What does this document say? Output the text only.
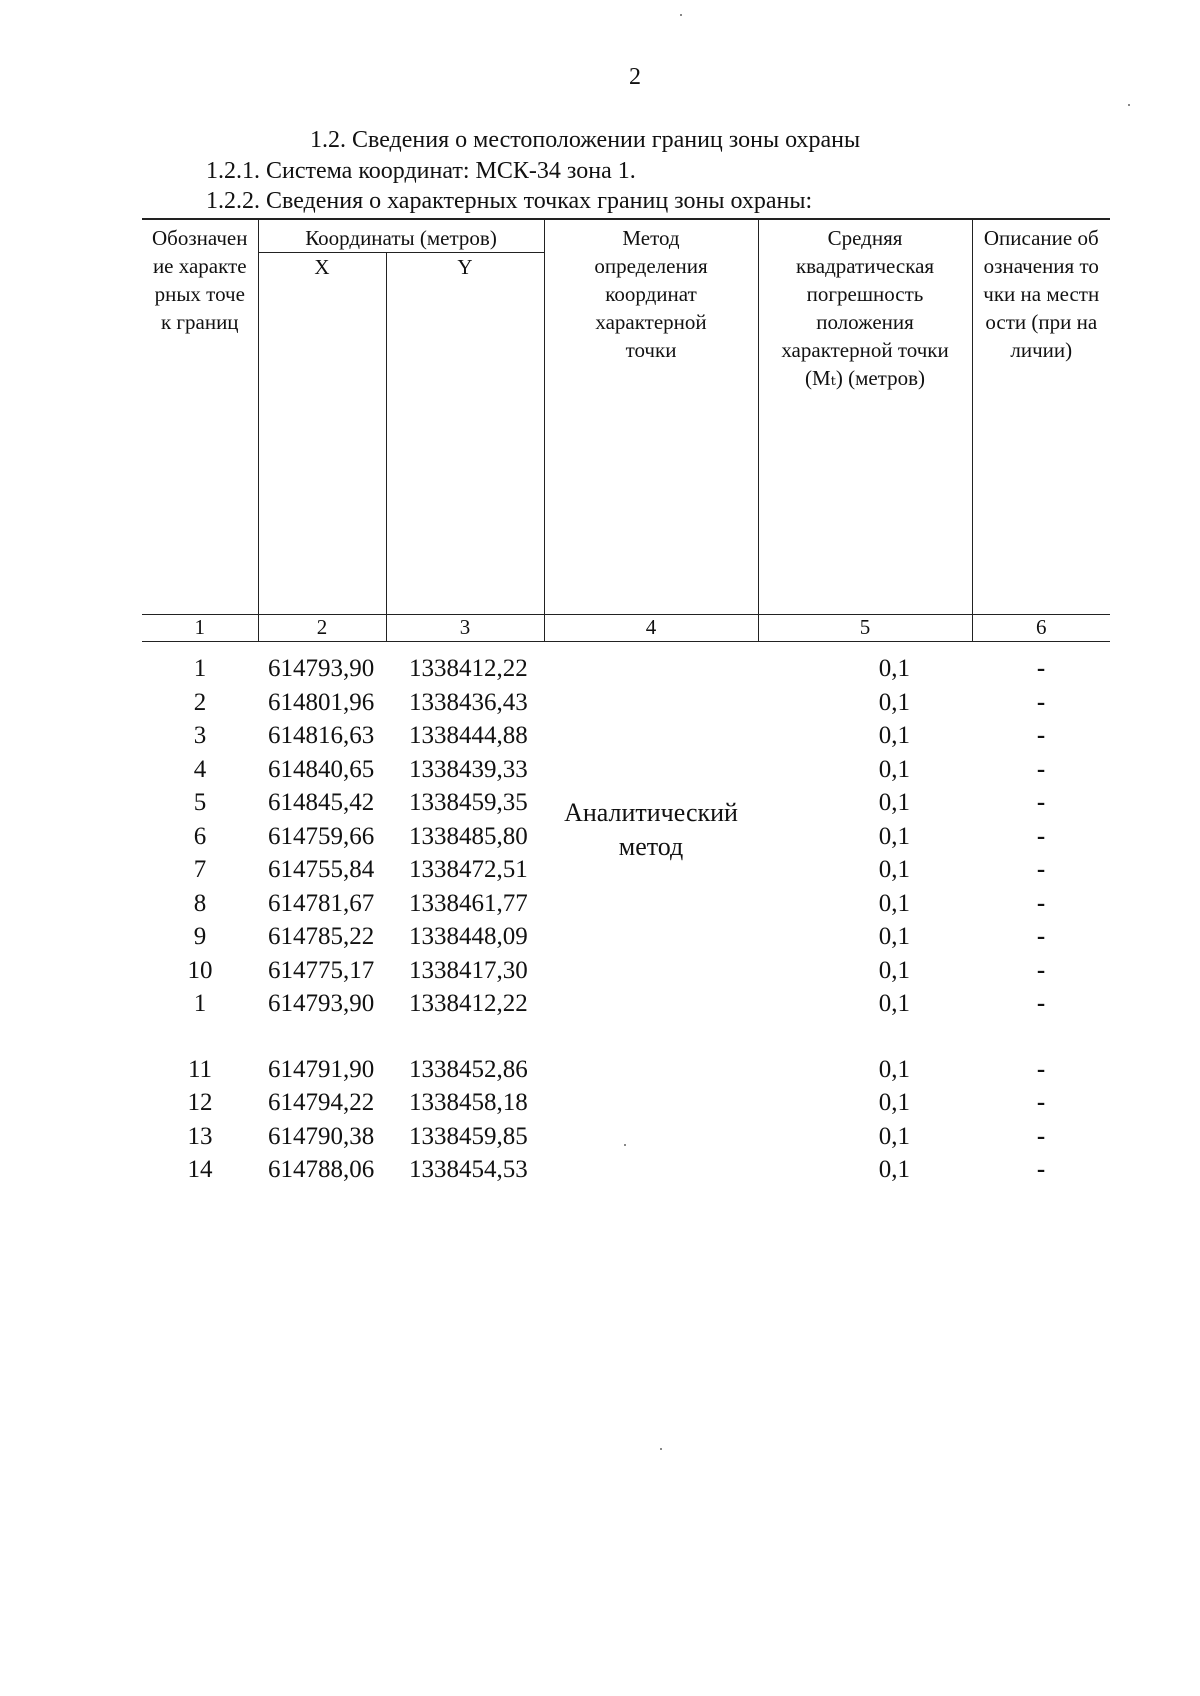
2
1.2. Сведения о местоположении границ зоны охраны
1.2.1. Система координат: МСК-34 зона 1.
1.2.2. Сведения о характерных точках границ зоны охраны:
Обозначение характерных точек границ	Координаты (метров)		Метод определения координат характерной точки	Средняя квадратическая погрешность положения характерной точки (Mₜ) (метров)	Описание обозначения точки на местности (при наличии)

	X	Y			
1	2	3	4	5	6
1	614793,90	1338412,22	Аналитический метод	0,1	-
2	614801,96	1338436,43		0,1	-
3	614816,63	1338444,88		0,1	-
4	614840,65	1338439,33		0,1	-
5	614845,42	1338459,35		0,1	-
6	614759,66	1338485,80		0,1	-
7	614755,84	1338472,51		0,1	-
8	614781,67	1338461,77		0,1	-
9	614785,22	1338448,09		0,1	-
10	614775,17	1338417,30		0,1	-
1	614793,90	1338412,22		0,1	-

11	614791,90	1338452,86		0,1	-
12	614794,22	1338458,18		0,1	-
13	614790,38	1338459,85		0,1	-
14	614788,06	1338454,53		0,1	-
